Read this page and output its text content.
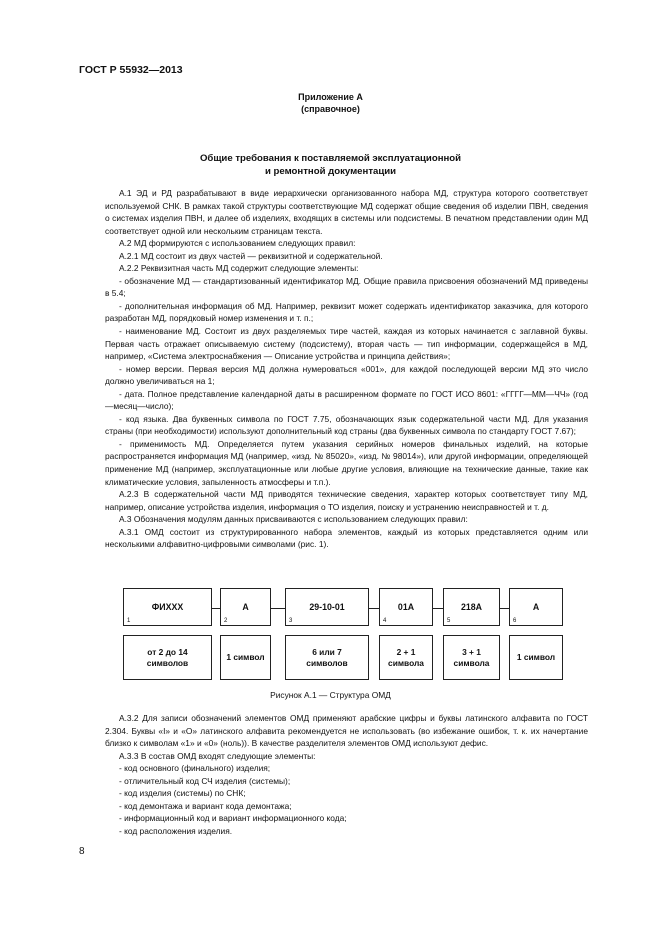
ГОСТ Р 55932—2013
Приложение А
(справочное)
Общие требования к поставляемой эксплуатационной
и ремонтной документации

А.1 ЭД и РД разрабатывают в виде иерархически организованного набора МД, структура которого соответствует используемой СНК. В рамках такой структуры соответствующие МД содержат общие сведения об изделии ПВН, сведения о системах изделия ПВН, и далее об изделиях, входящих в системы или подсистемы. В печатном представлении один МД соответствует одной или нескольким страницам текста.

А.2 МД формируются с использованием следующих правил:

А.2.1 МД состоит из двух частей — реквизитной и содержательной.

А.2.2 Реквизитная часть МД содержит следующие элементы:

- обозначение МД — стандартизованный идентификатор МД. Общие правила присвоения обозначений МД приведены в 5.4;

- дополнительная информация об МД. Например, реквизит может содержать идентификатор заказчика, для которого разработан МД, порядковый номер изменения и т. п.;

- наименование МД. Состоит из двух разделяемых тире частей, каждая из которых начинается с заглавной буквы. Первая часть отражает описываемую систему (подсистему), вторая часть — тип информации, содержащейся в МД, например, «Система электроснабжения — Описание устройства и принципа действия»;

- номер версии. Первая версия МД должна нумероваться «001», для каждой последующей версии МД это число должно увеличиваться на 1;

- дата. Полное представление календарной даты в расширенном формате по ГОСТ ИСО 8601: «ГГГГ—ММ—ЧЧ» (год—месяц—число);

- код языка. Два буквенных символа по ГОСТ 7.75, обозначающих язык содержательной части МД. Для указания страны (при необходимости) используют дополнительный код страны (два буквенных символа по стандарту ГОСТ 7.67);

- применимость МД. Определяется путем указания серийных номеров финальных изделий, на которые распространяется информация МД (например, «изд. № 85020», «изд. № 98014»), или другой информации, определяющей применение МД (например, эксплуатационные или любые другие условия, влияющие на технические данные, такие как климатические условия, запыленность атмосферы и т.п.).

А.2.3 В содержательной части МД приводятся технические сведения, характер которых соответствует типу МД, например, описание устройства изделия, информация о ТО изделия, поиску и устранению неисправностей и т. д.

А.3 Обозначения модулям данных присваиваются с использованием следующих правил:

А.3.1 ОМД состоит из структурированного набора элементов, каждый из которых представляется одним или несколькими алфавитно-цифровыми символами (рис. 1).

ФИХХХ
1
А
2
29-10-01
3
01А
4
218А
5
А
6
от 2 до 14
символов
1 символ
6 или 7
символов
2 + 1
символа
3 + 1
символа
1 символ
Рисунок А.1 — Структура ОМД

А.3.2 Для записи обозначений элементов ОМД применяют арабские цифры и буквы латинского алфавита по ГОСТ 2.304. Буквы «I» и «O» латинского алфавита рекомендуется не использовать (во избежание ошибок, т. к. их начертание близко к символам «1» и «0» (ноль)). В качестве разделителя элементов ОМД используют дефис.

А.3.3 В состав ОМД входят следующие элементы:

- код основного (финального) изделия;

- отличительный код СЧ изделия (системы);

- код изделия (системы) по СНК;

- код демонтажа и вариант кода демонтажа;

- информационный код и вариант информационного кода;

- код расположения изделия.

8
